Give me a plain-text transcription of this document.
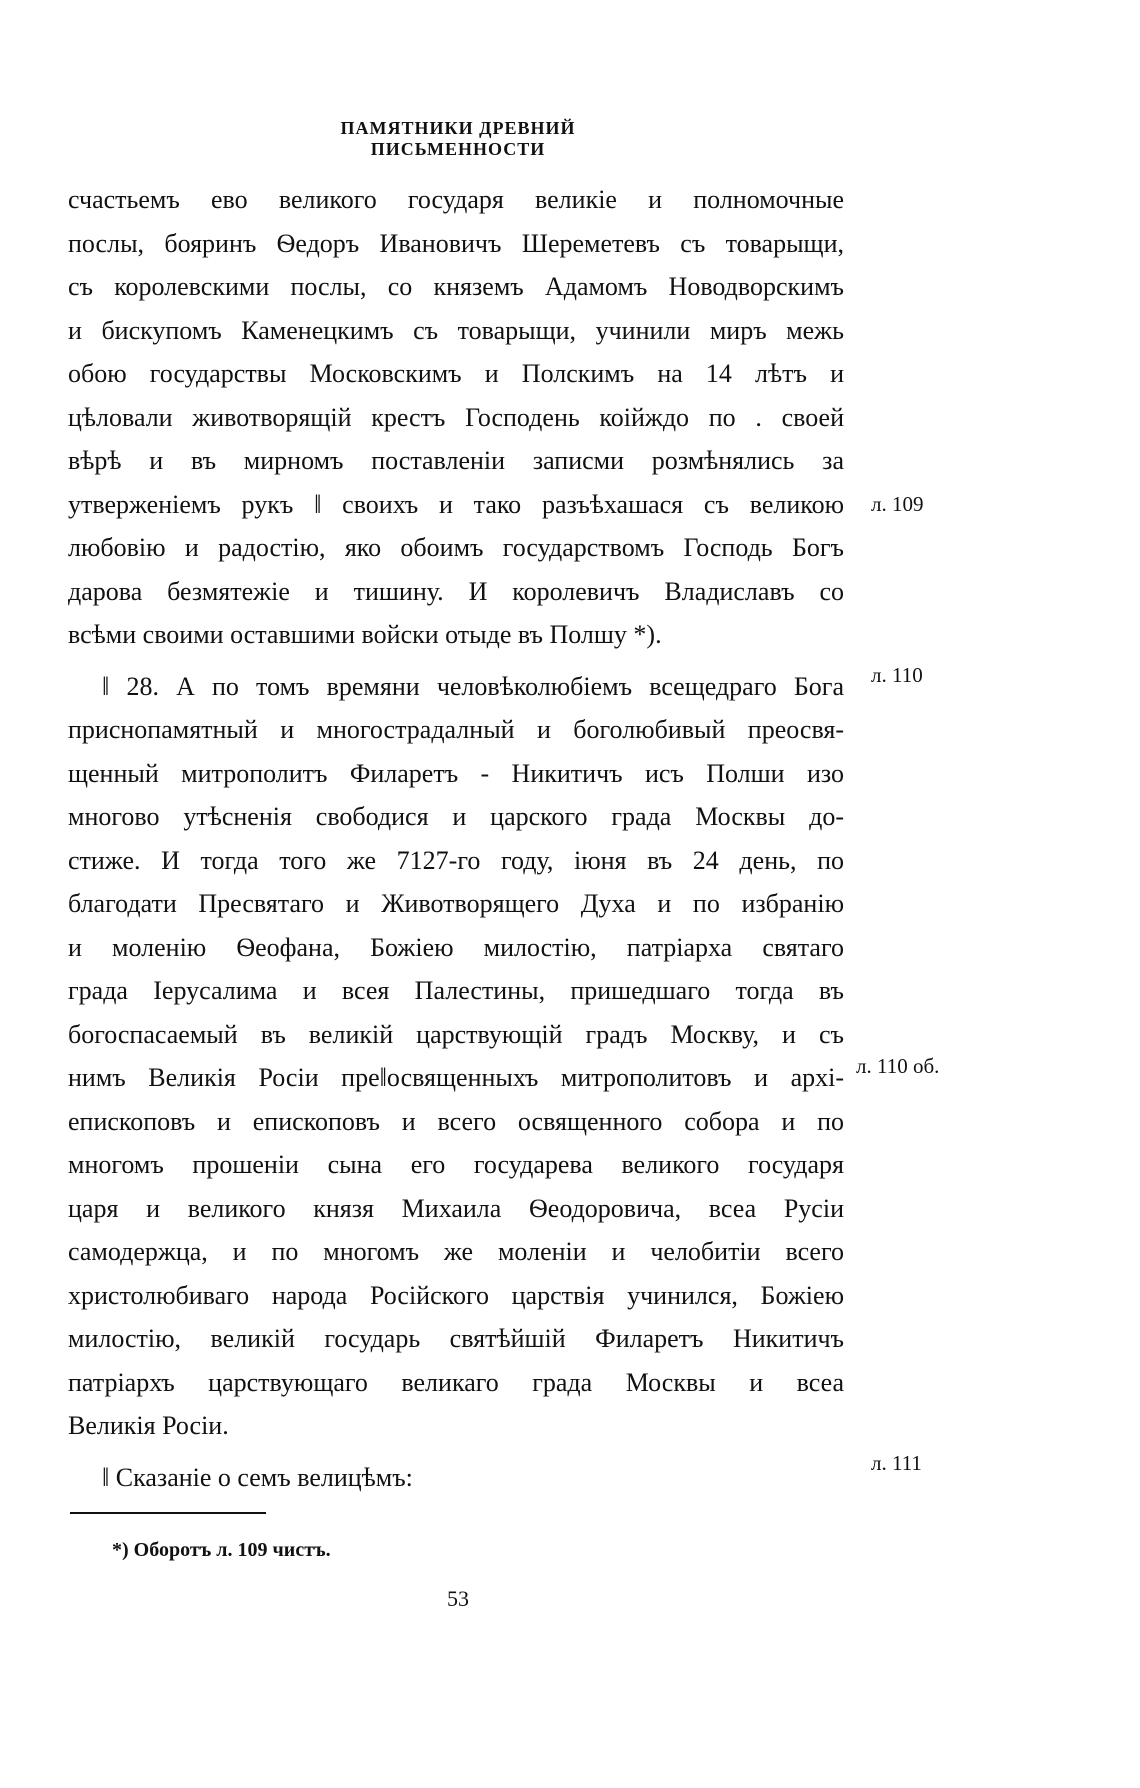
ПАМЯТНИКИ ДРЕВНИЙ ПИСЬМЕННОСТИ
счастьемъ ево великого государя великіе и полномочные
послы, бояринъ Ѳедоръ Ивановичъ Шереметевъ съ товарыщи,
съ королевскими послы, со княземъ Адамомъ Новодворскимъ
и бискупомъ Каменецкимъ съ товарыщи, учинили миръ межь
обою государствы Московскимъ и Полскимъ на 14 лѣтъ и
цѣловали животворящій крестъ Господень коійждо по . своей
вѣрѣ и въ мирномъ поставленіи записми розмѣнялись за
утверженіемъ рукъ ‖ своихъ и тако разъѣхашася съ великою
любовію и радостію, яко обоимъ государствомъ Господь Богъ
дарова безмятежіе и тишину. И королевичъ Владиславъ со
всѣми своими оставшими войски отыде въ Полшу *).
‖ 28. А по томъ времяни человѣколюбіемъ всещедраго Бога
приснопамятный и многострадалный и боголюбивый преосвя-
щенный митрополитъ Филаретъ - Никитичъ исъ Полши изо
многово утѣсненія свободися и царского града Москвы до-
стиже. И тогда того же 7127-го году, іюня въ 24 день, по
благодати Пресвятаго и Животворящего Духа и по избранію
и моленію Ѳеофана, Божіею милостію, патріарха святаго
града Іерусалима и всея Палестины, пришедшаго тогда въ
богоспасаемый въ великій царствующій градъ Москву, и съ
нимъ Великія Росіи пре‖освященныхъ митрополитовъ и архі-
епископовъ и епископовъ и всего освященного собора и по
многомъ прошеніи сына его государева великого государя
царя и великого князя Михаила Ѳеодоровича, всеа Русіи
самодержца, и по многомъ же моленіи и челобитіи всего
христолюбиваго народа Російского царствія учинился, Божіею
милостію, великій государь святѣйшій Филаретъ Никитичъ
патріархъ царствующаго великаго града Москвы и всеа
Великія Росіи.
‖ Сказаніе о семъ велицѣмъ:
л. 109
л. 110
л. 110 об.
л. 111
*) Оборотъ л. 109 чистъ.
53
